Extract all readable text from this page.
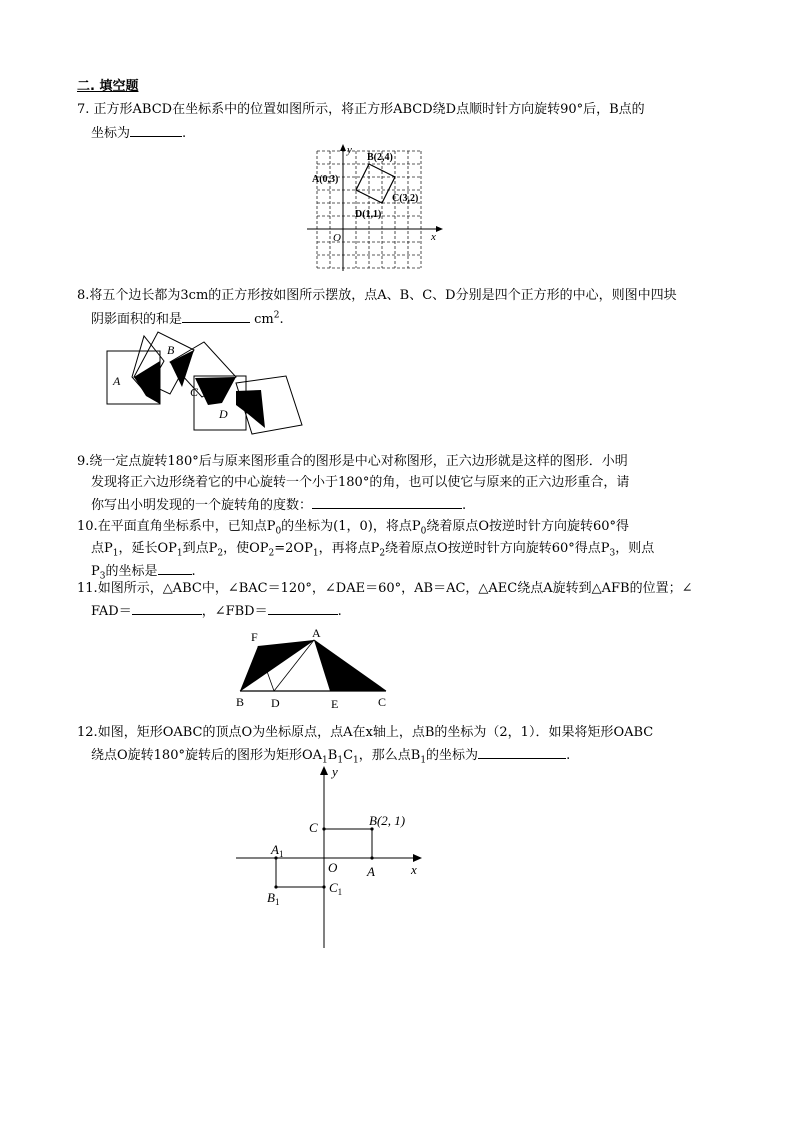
二. 填空题
7. 正方形ABCD在坐标系中的位置如图所示，将正方形ABCD绕D点顺时针方向旋转90°后，B点的
坐标为	.
y
x
O
A(0,3)
B(2,4)
C(3,2)
D(1,1)
8.将五个边长都为3cm的正方形按如图所示摆放，点A、B、C、D分别是四个正方形的中心，则图中四块
阴影面积的和是	$cm^2$.
A
B
C
D
9.绕一定点旋转180°后与原来图形重合的图形是中心对称图形，正六边形就是这样的图形．小明
发现将正六边形绕着它的中心旋转一个小于180°的角，也可以使它与原来的正六边形重合，请
你写出小明发现的一个旋转角的度数：	.
10.在平面直角坐标系中，已知点$P_0$的坐标为(1，0)，将点$P_0$绕着原点O按逆时针方向旋转60°得
点$P_1$，延长$OP_1$到点$P_2$，使$OP_2=2OP_1$，再将点$P_2$绕着原点O按逆时针方向旋转60°得点$P_3$，则点
$P_3$的坐标是	.
11.如图所示，△ABC中，∠BAC＝120°，∠DAE＝60°，AB＝AC，△AEC绕点A旋转到△AFB的位置；∠
FAD＝	，∠FBD＝	.
F	A
B D	E	C
12.如图，矩形OABC的顶点O为坐标原点，点A在x轴上，点B的坐标为（2，1）．如果将矩形OABC
绕点O旋转180°旋转后的图形为矩形$OA_1B_1C_1$，那么点$B_1$的坐标为	.
y
x
O A
B(2, 1)
C
$A_1$
$B_1$
$C_1$
